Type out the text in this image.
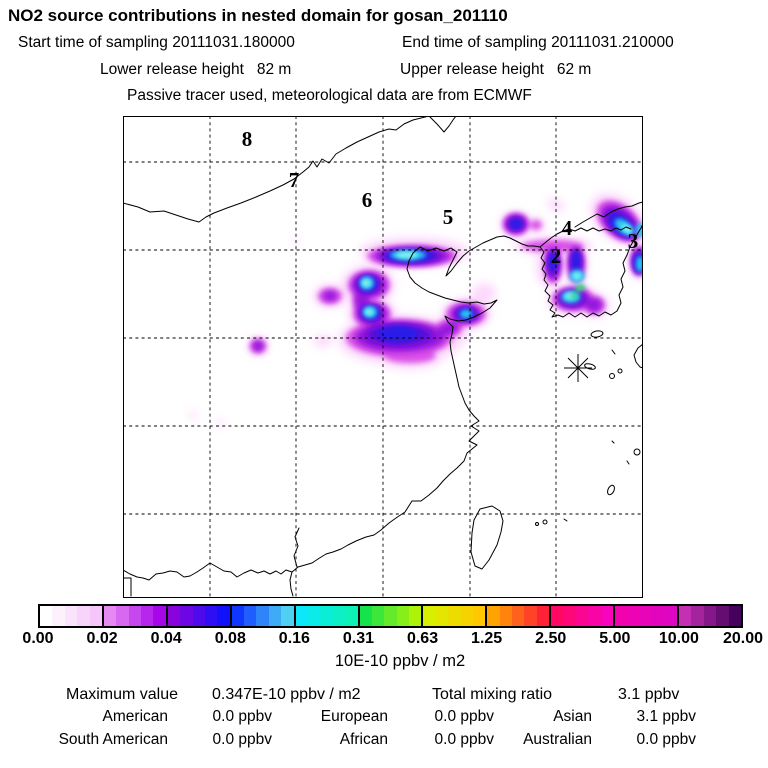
NO2 source contributions in nested domain for gosan_201110
Start time of sampling 20111031.180000	End time of sampling 20111031.210000
Lower release height 82 m	Upper release height 62 m
Passive tracer used, meteorological data are from ECMWF
8
7
6
5	4
3
2
0.00 0.02 0.04 0.08 0.16 0.31 0.63 1.25 2.50 5.00 10.00 20.00
10E-10 ppbv / m2
Maximum value 0.347E-10 ppbv / m2	Total mixing ratio	3.1 ppbv
American	0.0 ppbv	European	0.0 ppbv	Asian	3.1 ppbv
South American	0.0 ppbv	African	0.0 ppbv	Australian	0.0 ppbv
